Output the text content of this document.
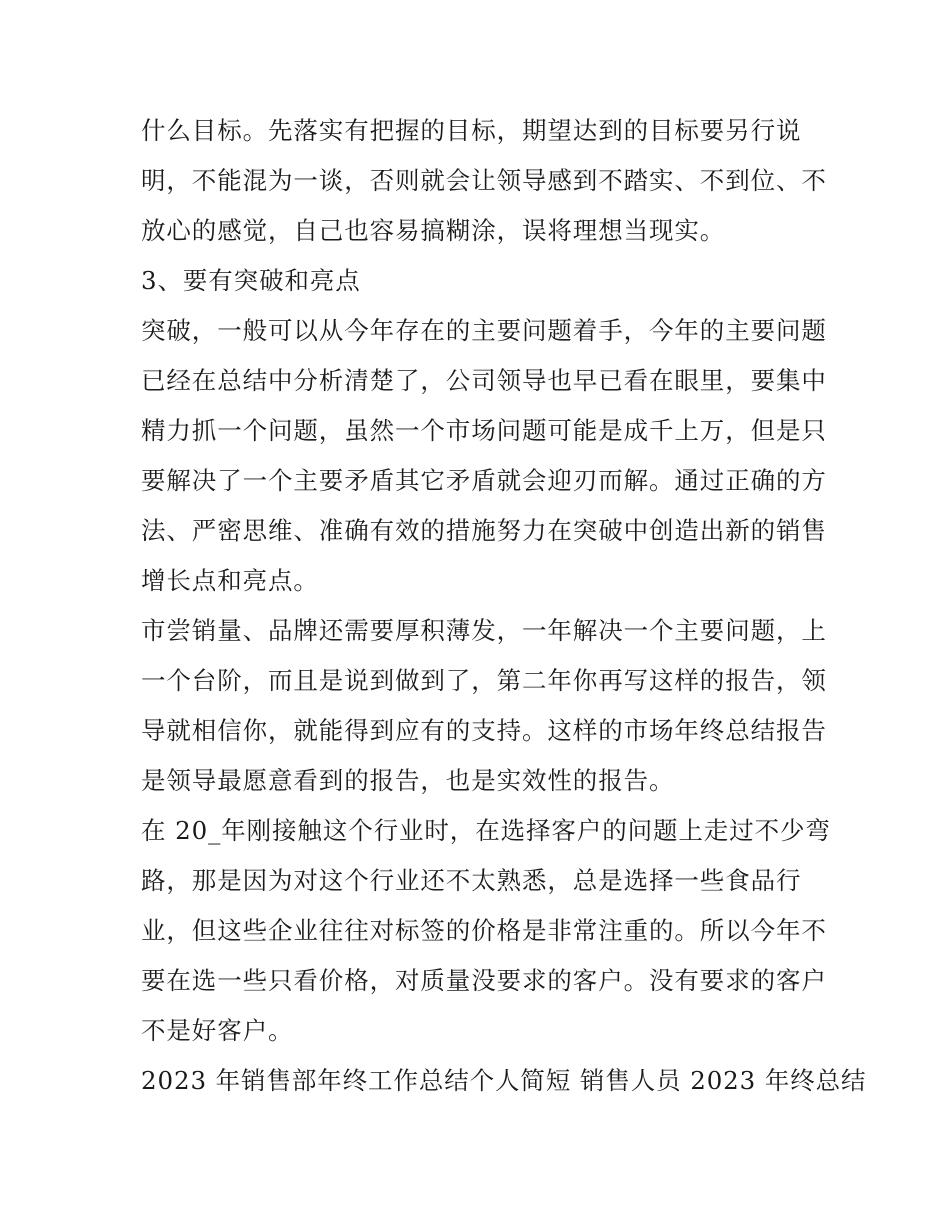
什么目标。先落实有把握的目标，期望达到的目标要另行说
明，不能混为一谈，否则就会让领导感到不踏实、不到位、不
放心的感觉，自己也容易搞糊涂，误将理想当现实。
3、要有突破和亮点
突破，一般可以从今年存在的主要问题着手，今年的主要问题
已经在总结中分析清楚了，公司领导也早已看在眼里，要集中
精力抓一个问题，虽然一个市场问题可能是成千上万，但是只
要解决了一个主要矛盾其它矛盾就会迎刃而解。通过正确的方
法、严密思维、准确有效的措施努力在突破中创造出新的销售
增长点和亮点。
市尝销量、品牌还需要厚积薄发，一年解决一个主要问题，上
一个台阶，而且是说到做到了，第二年你再写这样的报告，领
导就相信你，就能得到应有的支持。这样的市场年终总结报告
是领导最愿意看到的报告，也是实效性的报告。
在 20_年刚接触这个行业时，在选择客户的问题上走过不少弯
路，那是因为对这个行业还不太熟悉，总是选择一些食品行
业，但这些企业往往对标签的价格是非常注重的。所以今年不
要在选一些只看价格，对质量没要求的客户。没有要求的客户
不是好客户。
2023 年销售部年终工作总结个人简短 销售人员 2023 年终总结
